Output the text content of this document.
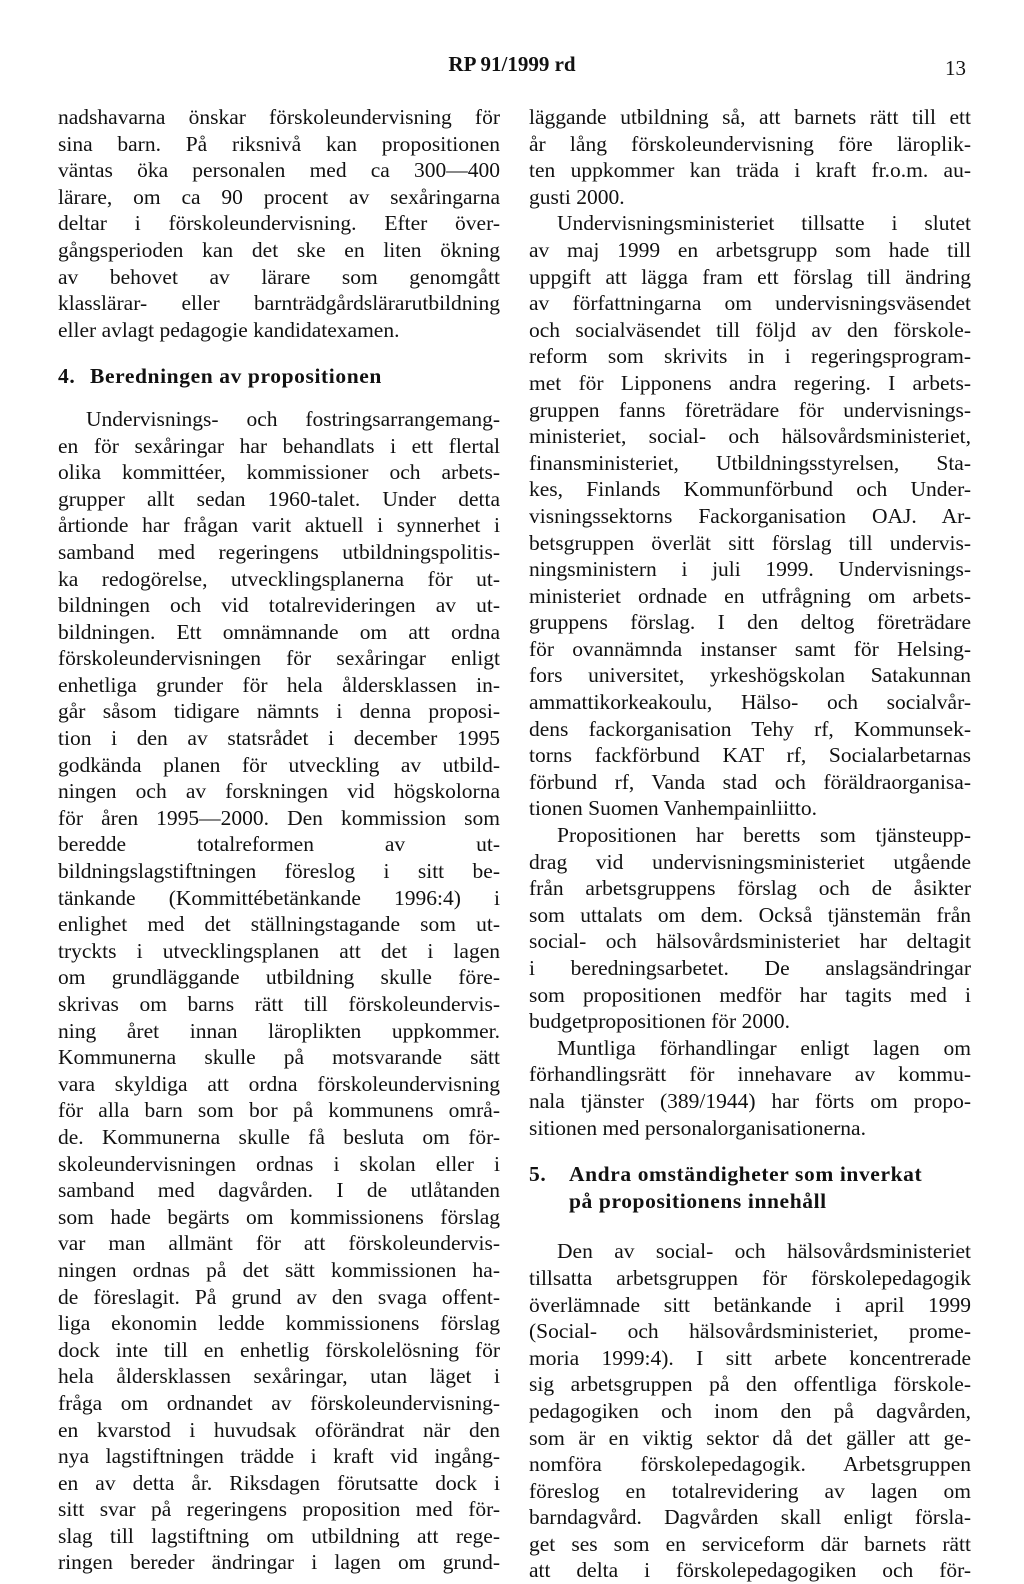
RP 91/1999 rd	13
nadshavarna önskar förskoleundervisning för
sina barn. På riksnivå kan propositionen
väntas öka personalen med ca 300—400
lärare, om ca 90 procent av sexåringarna
deltar i förskoleundervisning. Efter över-
gångsperioden kan det ske en liten ökning
av behovet av lärare som genomgått
klasslärar- eller barnträdgårdslärarutbildning
eller avlagt pedagogie kandidatexamen.
4. Beredningen av propositionen
Undervisnings- och fostringsarrangemang-
en för sexåringar har behandlats i ett flertal
olika kommittéer, kommissioner och arbets-
grupper allt sedan 1960-talet. Under detta
årtionde har frågan varit aktuell i synnerhet i
samband med regeringens utbildningspolitis-
ka redogörelse, utvecklingsplanerna för ut-
bildningen och vid totalrevideringen av ut-
bildningen. Ett omnämnande om att ordna
förskoleundervisningen för sexåringar enligt
enhetliga grunder för hela åldersklassen in-
går såsom tidigare nämnts i denna proposi-
tion i den av statsrådet i december 1995
godkända planen för utveckling av utbild-
ningen och av forskningen vid högskolorna
för åren 1995—2000. Den kommission som
beredde totalreformen av ut-
bildningslagstiftningen föreslog i sitt be-
tänkande (Kommittébetänkande 1996:4) i
enlighet med det ställningstagande som ut-
tryckts i utvecklingsplanen att det i lagen
om grundläggande utbildning skulle före-
skrivas om barns rätt till förskoleundervis-
ning året innan läroplikten uppkommer.
Kommunerna skulle på motsvarande sätt
vara skyldiga att ordna förskoleundervisning
för alla barn som bor på kommunens områ-
de. Kommunerna skulle få besluta om för-
skoleundervisningen ordnas i skolan eller i
samband med dagvården. I de utlåtanden
som hade begärts om kommissionens förslag
var man allmänt för att förskoleundervis-
ningen ordnas på det sätt kommissionen ha-
de föreslagit. På grund av den svaga offent-
liga ekonomin ledde kommissionens förslag
dock inte till en enhetlig förskolelösning för
hela åldersklassen sexåringar, utan läget i
fråga om ordnandet av förskoleundervisning-
en kvarstod i huvudsak oförändrat när den
nya lagstiftningen trädde i kraft vid ingång-
en av detta år. Riksdagen förutsatte dock i
sitt svar på regeringens proposition med för-
slag till lagstiftning om utbildning att rege-
ringen bereder ändringar i lagen om grund-
läggande utbildning så, att barnets rätt till ett
år lång förskoleundervisning före läroplik-
ten uppkommer kan träda i kraft fr.o.m. au-
gusti 2000.
Undervisningsministeriet tillsatte i slutet
av maj 1999 en arbetsgrupp som hade till
uppgift att lägga fram ett förslag till ändring
av författningarna om undervisningsväsendet
och socialväsendet till följd av den förskole-
reform som skrivits in i regeringsprogram-
met för Lipponens andra regering. I arbets-
gruppen fanns företrädare för undervisnings-
ministeriet, social- och hälsovårdsministeriet,
finansministeriet, Utbildningsstyrelsen, Sta-
kes, Finlands Kommunförbund och Under-
visningssektorns Fackorganisation OAJ. Ar-
betsgruppen överlät sitt förslag till undervis-
ningsministern i juli 1999. Undervisnings-
ministeriet ordnade en utfrågning om arbets-
gruppens förslag. I den deltog företrädare
för ovannämnda instanser samt för Helsing-
fors universitet, yrkeshögskolan Satakunnan
ammattikorkeakoulu, Hälso- och socialvår-
dens fackorganisation Tehy rf, Kommunsek-
torns fackförbund KAT rf, Socialarbetarnas
förbund rf, Vanda stad och föräldraorganisa-
tionen Suomen Vanhempainliitto.
Propositionen har beretts som tjänsteupp-
drag vid undervisningsministeriet utgående
från arbetsgruppens förslag och de åsikter
som uttalats om dem. Också tjänstemän från
social- och hälsovårdsministeriet har deltagit
i beredningsarbetet. De anslagsändringar
som propositionen medför har tagits med i
budgetpropositionen för 2000.
Muntliga förhandlingar enligt lagen om
förhandlingsrätt för innehavare av kommu-
nala tjänster (389/1944) har förts om propo-
sitionen med personalorganisationerna.
5. Andra omständigheter som inverkat
på propositionens innehåll
Den av social- och hälsovårdsministeriet
tillsatta arbetsgruppen för förskolepedagogik
överlämnade sitt betänkande i april 1999
(Social- och hälsovårdsministeriet, prome-
moria 1999:4). I sitt arbete koncentrerade
sig arbetsgruppen på den offentliga förskole-
pedagogiken och inom den på dagvården,
som är en viktig sektor då det gäller att ge-
nomföra förskolepedagogik. Arbetsgruppen
föreslog en totalrevidering av lagen om
barndagvård. Dagvården skall enligt försla-
get ses som en serviceform där barnets rätt
att delta i förskolepedagogiken och för-
